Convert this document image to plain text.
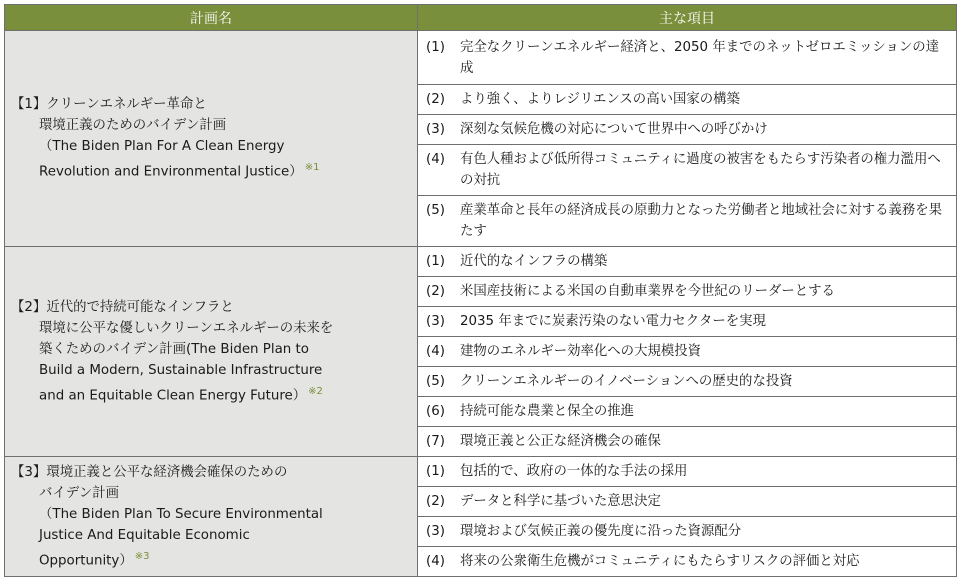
計画名	主な項目

【1】クリーンエネルギー革命と
環境正義のためのバイデン計画
（The Biden Plan For A Clean Energy
Revolution and Environmental Justice） $^{※1}$	(1) 完全なクリーンエネルギー経済と、2050 年までのネットゼロエミッションの達成

	(2) より強く、よりレジリエンスの高い国家の構築

	(3) 深刻な気候危機の対応について世界中への呼びかけ

	(4) 有色人種および低所得コミュニティに過度の被害をもたらす汚染者の権力濫用への対抗

	(5) 産業革命と長年の経済成長の原動力となった労働者と地域社会に対する義務を果たす

【2】近代的で持続可能なインフラと
環境に公平な優しいクリーンエネルギーの未来を
築くためのバイデン計画(The Biden Plan to
Build a Modern, Sustainable Infrastructure
and an Equitable Clean Energy Future） $^{※2}$	(1) 近代的なインフラの構築

	(2) 米国産技術による米国の自動車業界を今世紀のリーダーとする

	(3) 2035 年までに炭素汚染のない電力セクターを実現

	(4) 建物のエネルギー効率化への大規模投資

	(5) クリーンエネルギーのイノベーションへの歴史的な投資

	(6) 持続可能な農業と保全の推進

	(7) 環境正義と公正な経済機会の確保

【3】環境正義と公平な経済機会確保のための
バイデン計画
（The Biden Plan To Secure Environmental
Justice And Equitable Economic
Opportunity） $^{※3}$	(1) 包括的で、政府の一体的な手法の採用

	(2) データと科学に基づいた意思決定

	(3) 環境および気候正義の優先度に沿った資源配分

	(4) 将来の公衆衛生危機がコミュニティにもたらすリスクの評価と対応
